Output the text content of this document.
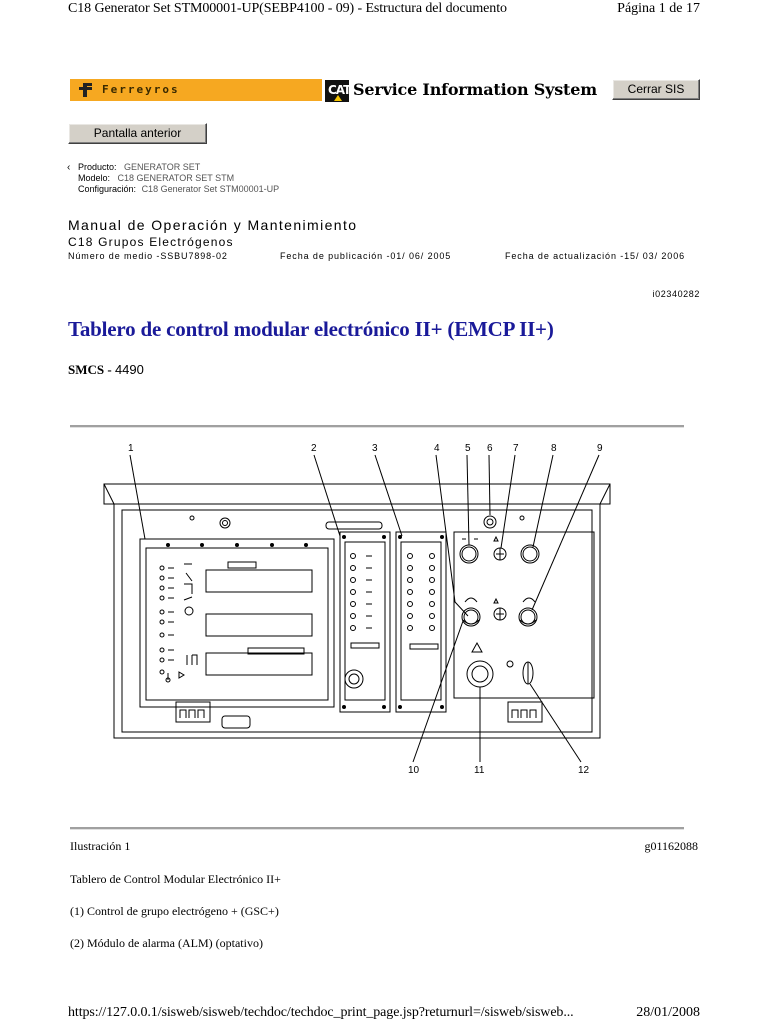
C18 Generator Set STM00001-UP(SEBP4100 - 09) - Estructura del documento	Página 1 de 17
Ferreyros	CAT Service Information System	Cerrar SIS
Pantalla anterior
‹ Producto: GENERATOR SET
Modelo: C18 GENERATOR SET STM
Configuración: C18 Generator Set STM00001-UP
Manual de Operación y Mantenimiento
C18 Grupos Electrógenos
Número de medio -SSBU7898-02	Fecha de publicación -01/ 06/ 2005	Fecha de actualización -15/ 03/ 2006
i02340282
Tablero de control modular electrónico II+ (EMCP II+)
SMCS - 4490
1	2	3	4	5 6 7	8	9
10	11	12
Ilustración 1	g01162088
Tablero de Control Modular Electrónico II+
(1) Control de grupo electrógeno + (GSC+)
(2) Módulo de alarma (ALM) (optativo)
https://127.0.0.1/sisweb/sisweb/techdoc/techdoc_print_page.jsp?returnurl=/sisweb/sisweb...	28/01/2008
